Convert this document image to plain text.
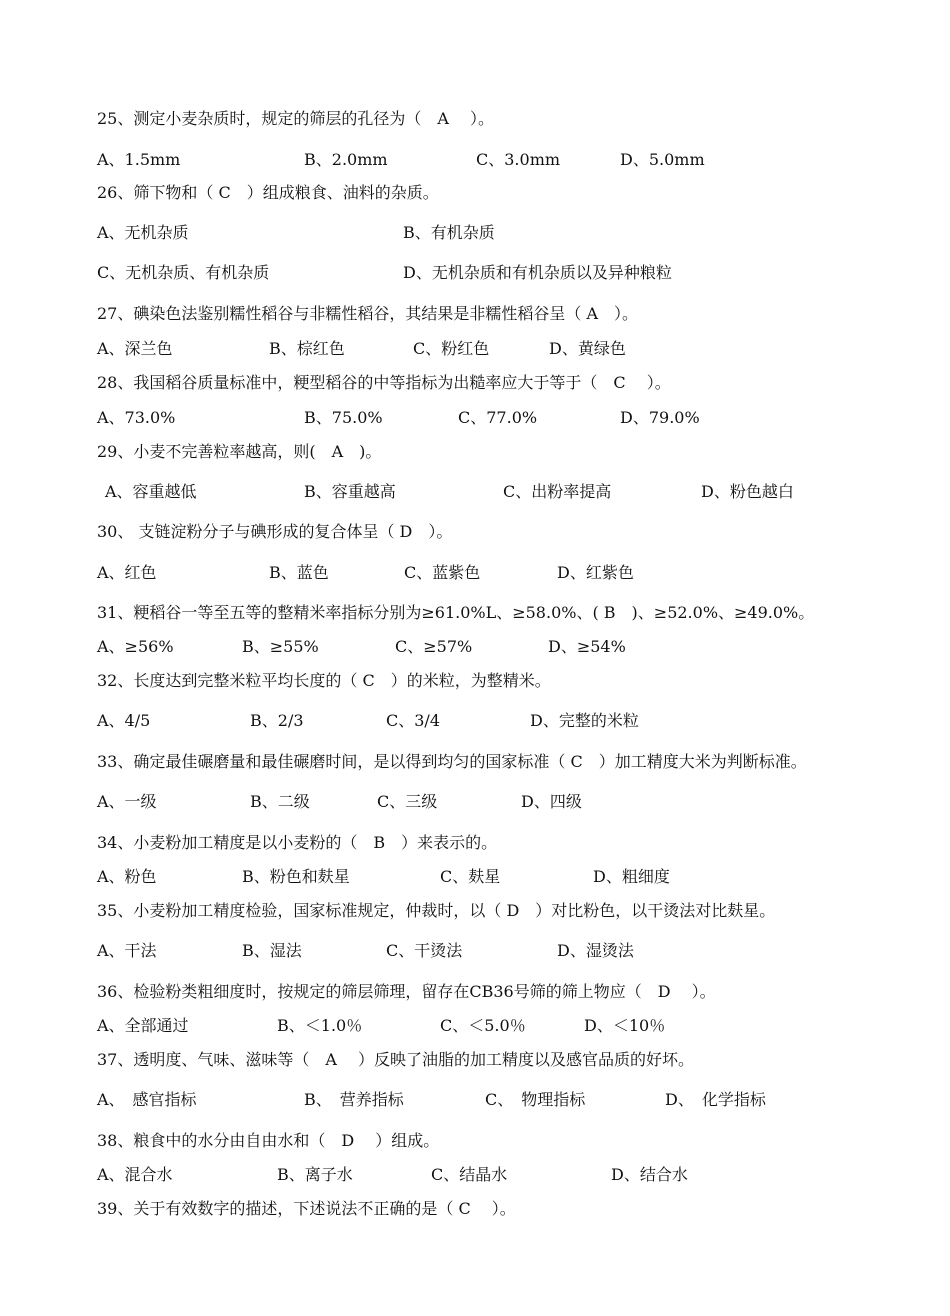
25、测定小麦杂质时，规定的筛层的孔径为（　A　 ）。
A、1.5mm	B、2.0mm	C、3.0mm	D、5.0mm
26、筛下物和（ C　）组成粮食、油料的杂质。
A、无机杂质	B、有机杂质
C、无机杂质、有机杂质	D、无机杂质和有机杂质以及异种粮粒
27、碘染色法鉴别糯性稻谷与非糯性稻谷，其结果是非糯性稻谷呈（ A　）。
A、深兰色	B、棕红色	C、粉红色	D、黄绿色
28、我国稻谷质量标准中，粳型稻谷的中等指标为出糙率应大于等于（　C　 ）。
A、73.0%	B、75.0%	C、77.0%	D、79.0%
29、小麦不完善粒率越高，则(　A　)。
A、容重越低	B、容重越高	C、出粉率提高	D、粉色越白
30、 支链淀粉分子与碘形成的复合体呈（ D　）。
A、红色	B、蓝色	C、蓝紫色	D、红紫色
31、粳稻谷一等至五等的整精米率指标分别为≥61.0%L、≥58.0%、( B　)、≥52.0%、≥49.0%。
A、≥56%	B、≥55%	C、≥57%	D、≥54%
32、长度达到完整米粒平均长度的（ C　）的米粒，为整精米。
A、4/5	B、2/3	C、3/4	D、完整的米粒
33、确定最佳碾磨量和最佳碾磨时间，是以得到均匀的国家标准（ C　）加工精度大米为判断标准。
A、一级	B、二级	C、三级	D、四级
34、小麦粉加工精度是以小麦粉的（　B　）来表示的。
A、粉色	B、粉色和麸星	C、麸星	D、粗细度
35、小麦粉加工精度检验，国家标准规定，仲裁时，以（ D　）对比粉色，以干烫法对比麸星。
A、干法	B、湿法	C、干烫法	D、湿烫法
36、检验粉类粗细度时，按规定的筛层筛理，留存在CB36号筛的筛上物应（　D　 ）。
A、全部通过	B、＜1.0％	C、＜5.0％	D、＜10％
37、透明度、气味、滋味等（　A　 ）反映了油脂的加工精度以及感官品质的好坏。
A、　感官指标	B、　营养指标	C、　物理指标	D、　化学指标
38、粮食中的水分由自由水和（　D　 ）组成。
A、混合水	B、离子水	C、结晶水	D、结合水
39、关于有效数字的描述，下述说法不正确的是（ C　 ）。
